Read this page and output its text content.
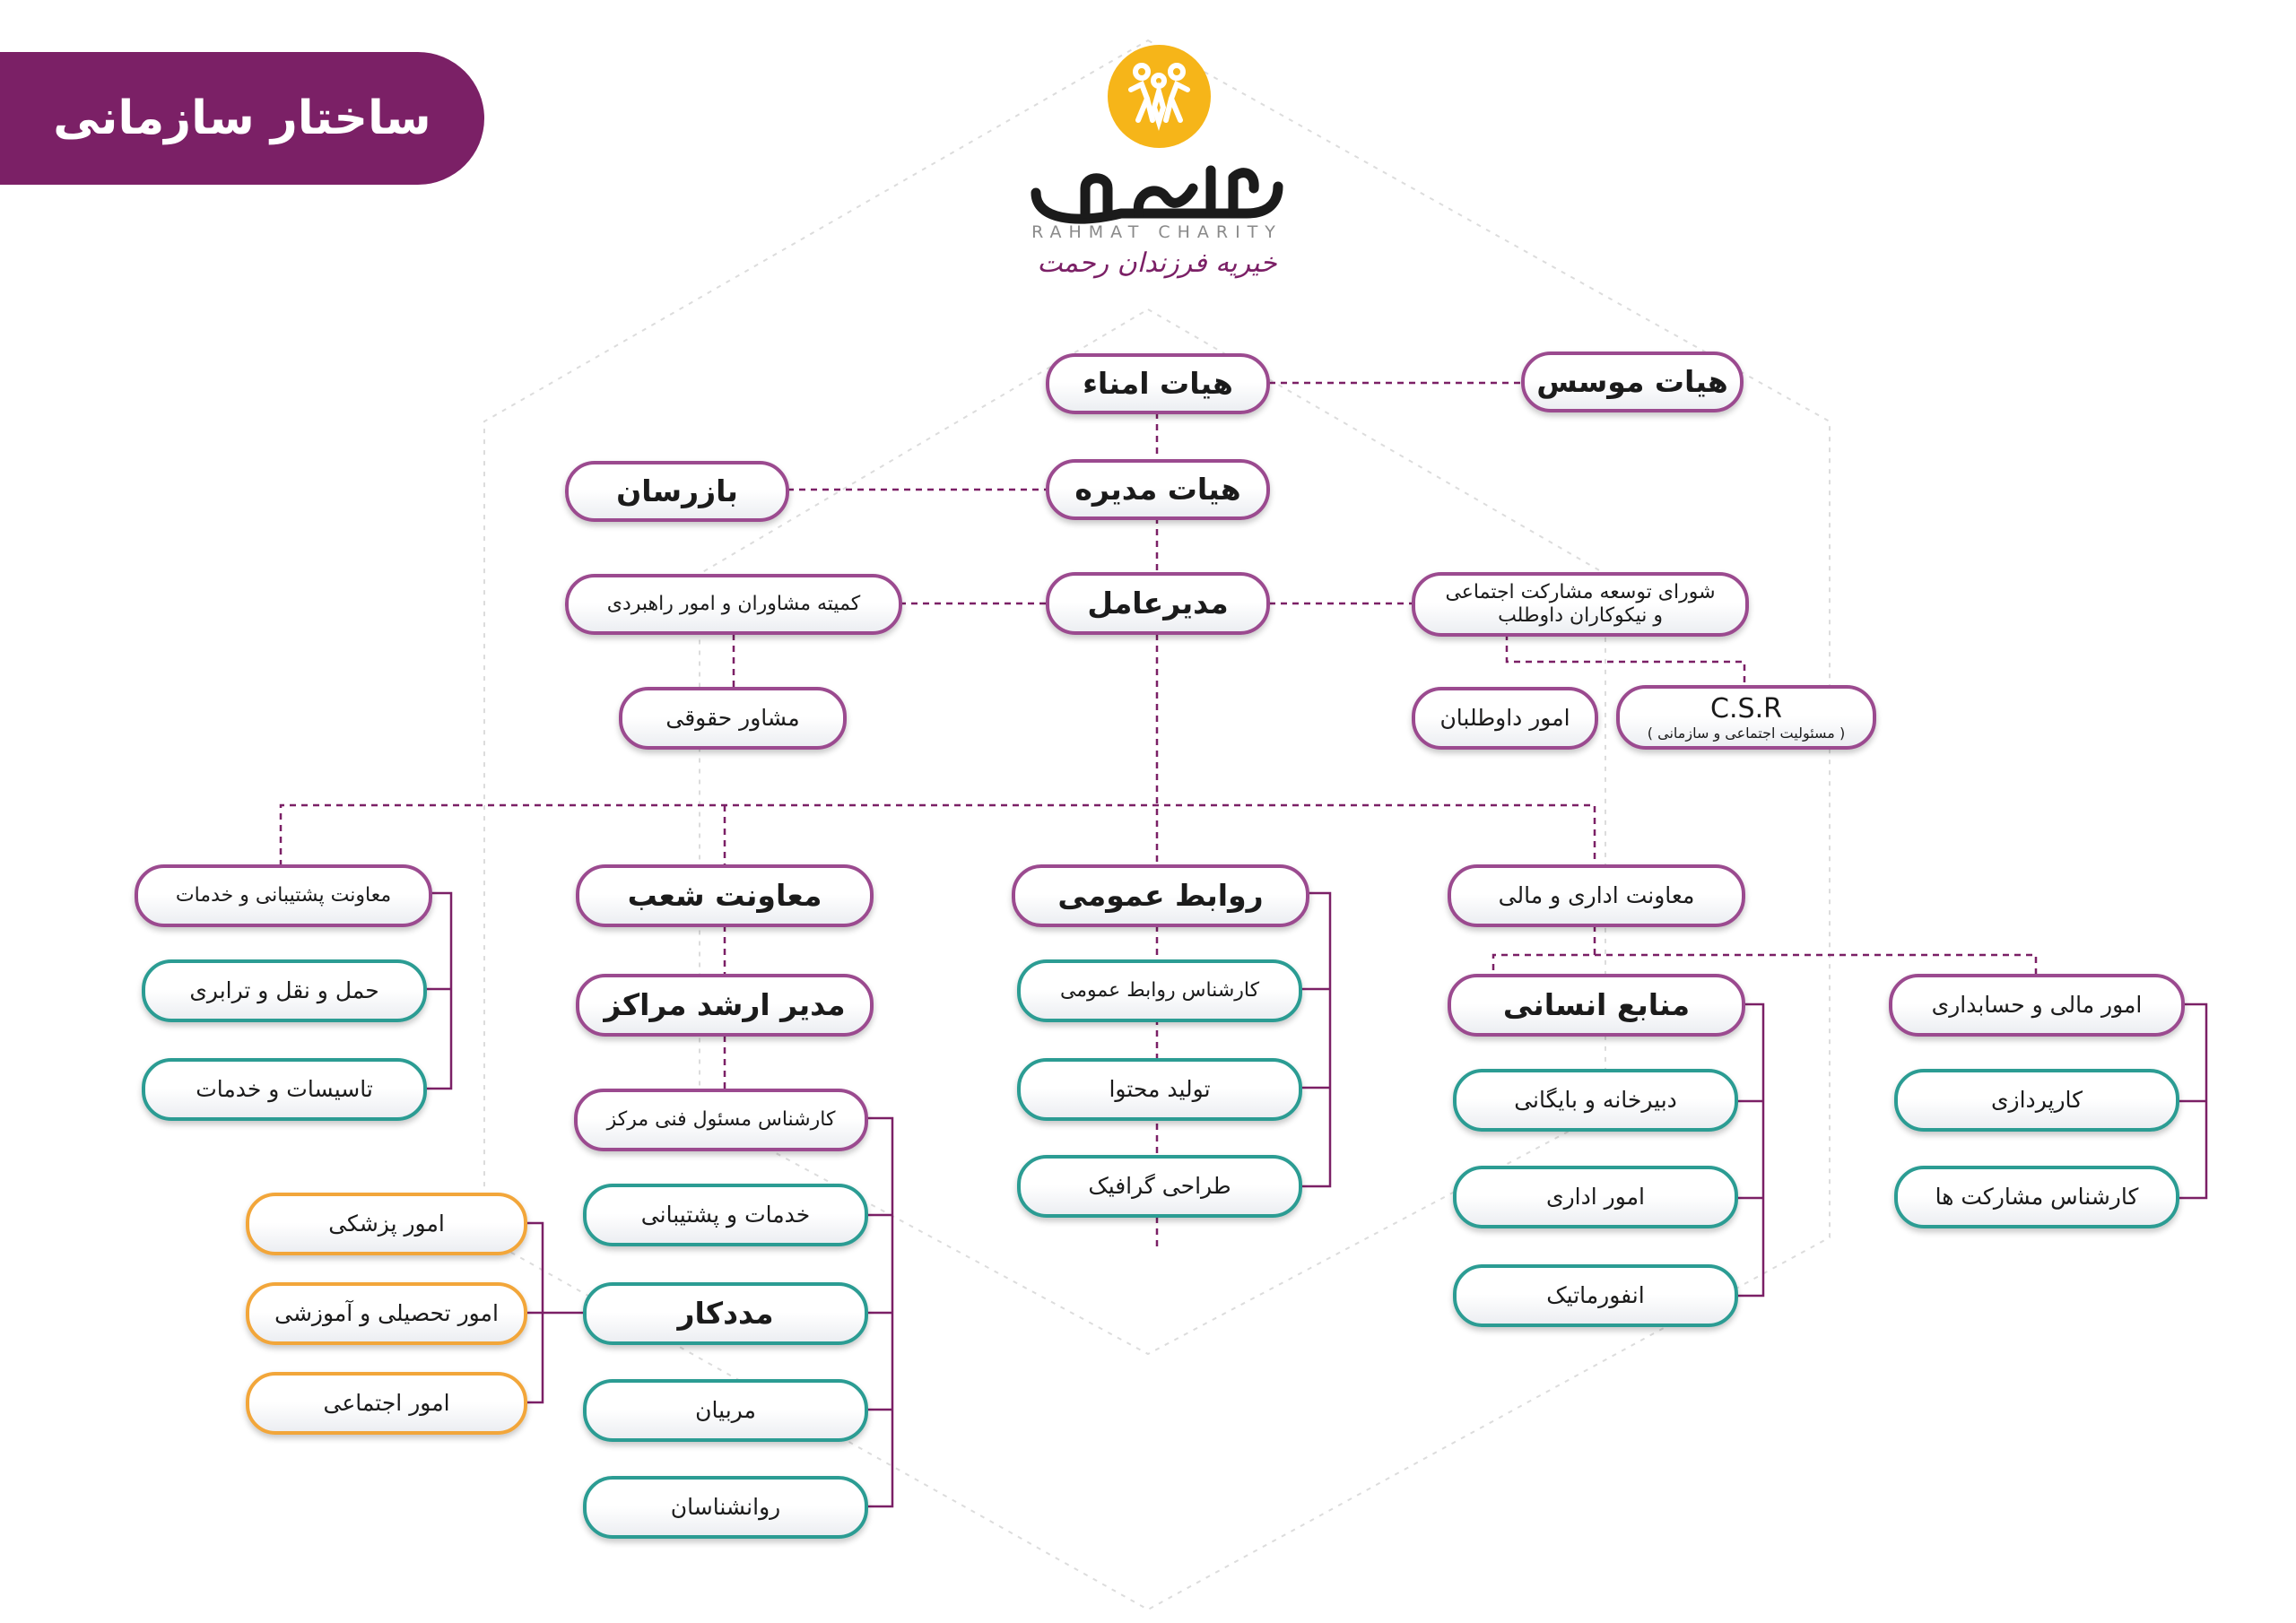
ساختار سازمانی
RAHMAT CHARITY
خیریه فرزندان رحمت
هیات امناء	هیات موسس
هیات مدیره
بازرسان
مدیرعامل
کمیته مشاوران و امور راهبردی
مشاور حقوقی
شورای توسعه مشارکت اجتماعی
و نیکوکاران داوطلب
امور داوطلبان	C.S.R
( مسئولیت اجتماعی و سازمانی )
معاونت پشتیبانی و خدمات
حمل و نقل و ترابری
تاسیسات و خدمات
معاونت شعب
مدیر ارشد مراکز
کارشناس مسئول فنی مرکز
خدمات و پشتیبانی
مددکار
مربیان
روانشناسان
امور پزشکی
امور تحصیلی و آموزشی
امور اجتماعی
روابط عمومی
کارشناس روابط عمومی
تولید محتوا
طراحی گرافیک
معاونت اداری و مالی
منابع انسانی
دبیرخانه و بایگانی
امور اداری
انفورماتیک
امور مالی و حسابداری
کارپردازی
کارشناس مشارکت ها
